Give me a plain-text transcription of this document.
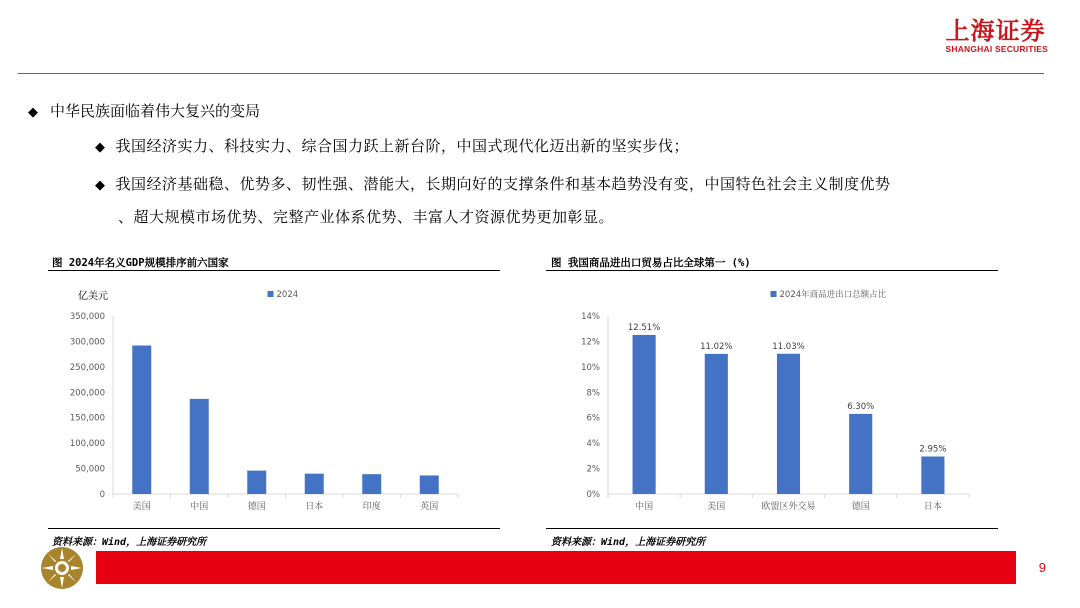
上海证券
SHANGHAI SECURITIES
◆ 中华民族面临着伟大复兴的变局
◆ 我国经济实力、科技实力、综合国力跃上新台阶，中国式现代化迈出新的坚实步伐；
◆ 我国经济基础稳、优势多、韧性强、潜能大，长期向好的支撑条件和基本趋势没有变，中国特色社会主义制度优势
、超大规模市场优势、完整产业体系优势、丰富人才资源优势更加彰显。
图 2024年名义GDP规模排序前六国家
2024
亿美元
0
50,000
100,000
150,000
200,000
250,000
300,000
350,000
美国	中国	德国	日本	印度	英国
资料来源：Wind，上海证券研究所
图 我国商品进出口贸易占比全球第一 (%)
2024年商品进出口总额占比
0%
2%
4%
6%
8%
10%
12%
14%
中国
12.51%
美国
11.02%
欧盟区外交易
11.03%
德国
6.30%
日本
2.95%
资料来源：Wind，上海证券研究所
9
